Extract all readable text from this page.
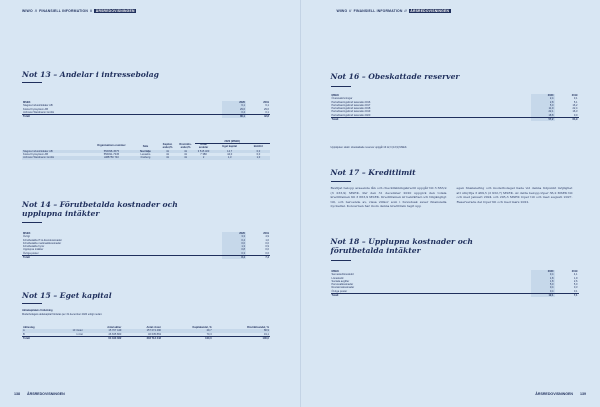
WIWO // FINANSIELL INFORMATION // ÅRSREDOVISNINGEN
Not 13 – Andelar i intressebolag
MSEK	2020	2019
Slagsta Industrilokaler AB	6,1	6,1
Kosta Kryosystem AB	29,6	29,6
Johnson Weidmann GmbH	0,4	0,1
Totalt	36,1	42,8
					2020 (MSEK)		
	Organisations-nummer	Säte	Kapital-andel,%	Rösträtts-andel,%	Antal andelar	Eget kapital	Bokfört
Slagsta Industrilokaler AB	556098-4575	Norrtälje	41	41	3 515 323	14,7	0,0
Kosta Kryosystem AB	556491-7345	Lessebo	41	41	7 380	44,0	0,0
Johnson Weidmann GmbH	HRB750 740	Freiberg	41	41	2	1,3	1,0
Not 14 – Förutbetalda kostnader och upplupna intäkter
MSEK	2020	2019
Övrigt	3,3	4,9
Förutbetalda IT-&-licenskostnader	0,4	1,0
Förutbetalda marknadskostnader	0,0	0,0
Förutbetalda hyror	1,3	0,9
Upplupna intäkter	0,8	0,0
Övriga poster	0,3	0,6
Totalt	8,4	7,4
Not 15 – Eget kapital
Aktiekapitalets fördelning
Moderbolagets aktiekapital fördelas per 31 december 2020 enligt nedan:
Aktieslag		Antal aktier	Antal röster	Kapitalandel, %	Rösträttsandel, %
A	10 röster	15 707 449	157 074 490	29,7	80,9
B	1 röst	46 635 863	46 635 863	70,3	19,1
Totalt		64 343 362	203 713 443	100,0	100,0
138 ÅRSREDOVISNINGEN
WIWO // FINANSIELL INFORMATION // ÅRSREDOVISNINGEN
Not 16 – Obeskattade reserver
MSEK	2020	2019
Överavskrivningar	2,4	3,1
Periodiseringsfond taxerade 2016	2,8	5,1
Periodiseringsfond taxerade 2017	5,0	16,2
Periodiseringsfond taxerade 2018	11,9	22,4
Periodiseringsfond taxerade 2019	22,1	16,3
Periodiseringsfond taxerade 2020	18,8	0,0
Totalt	57,2	64,9
Uppskjuten skatt i obeskattade reserver uppgår till 12,3 (13,9) MSEK.
Not 17 – Kreditlimit
Beviljat belopp avseende lån och checkräkningskredit uppgår till 3 663,9 (3 233,9) MSEK. Per den 31 december 2020 uppgick den totala kreditramen till 3 663,9 MSEK. Kreditramen är bekräftad och tillgängligt till, och beroende av, vissa villkor som i huvudsak avser finansiella nyckeltal. Koncernen har inom denna kreditram tagit upp
egen finansiering och moderbolaget hade vid denna tidpunkt möjlighet att utnyttja 3 469,5 (2 932,7) MSEK. Av detta belopp löper 36,2 MSEK till och med januari 2024 och 295,3 MSEK löper till och med augusti 2027. Reserverade del löper till och med mars 2022.
Not 18 – Upplupna kostnader och förutbetalda intäkter
MSEK	2020	2019
Semesterlöneskuld	3,4	4,1
Löneskuld	1,8	1,9
Sociala avgifter	1,8	2,6
Personalkostnader	5,0	5,0
Revisionskostnader	0,4	0,3
Övriga poster	0,4	0,1
Totalt	12,1	7,1
ÅRSREDOVISNINGEN 139
